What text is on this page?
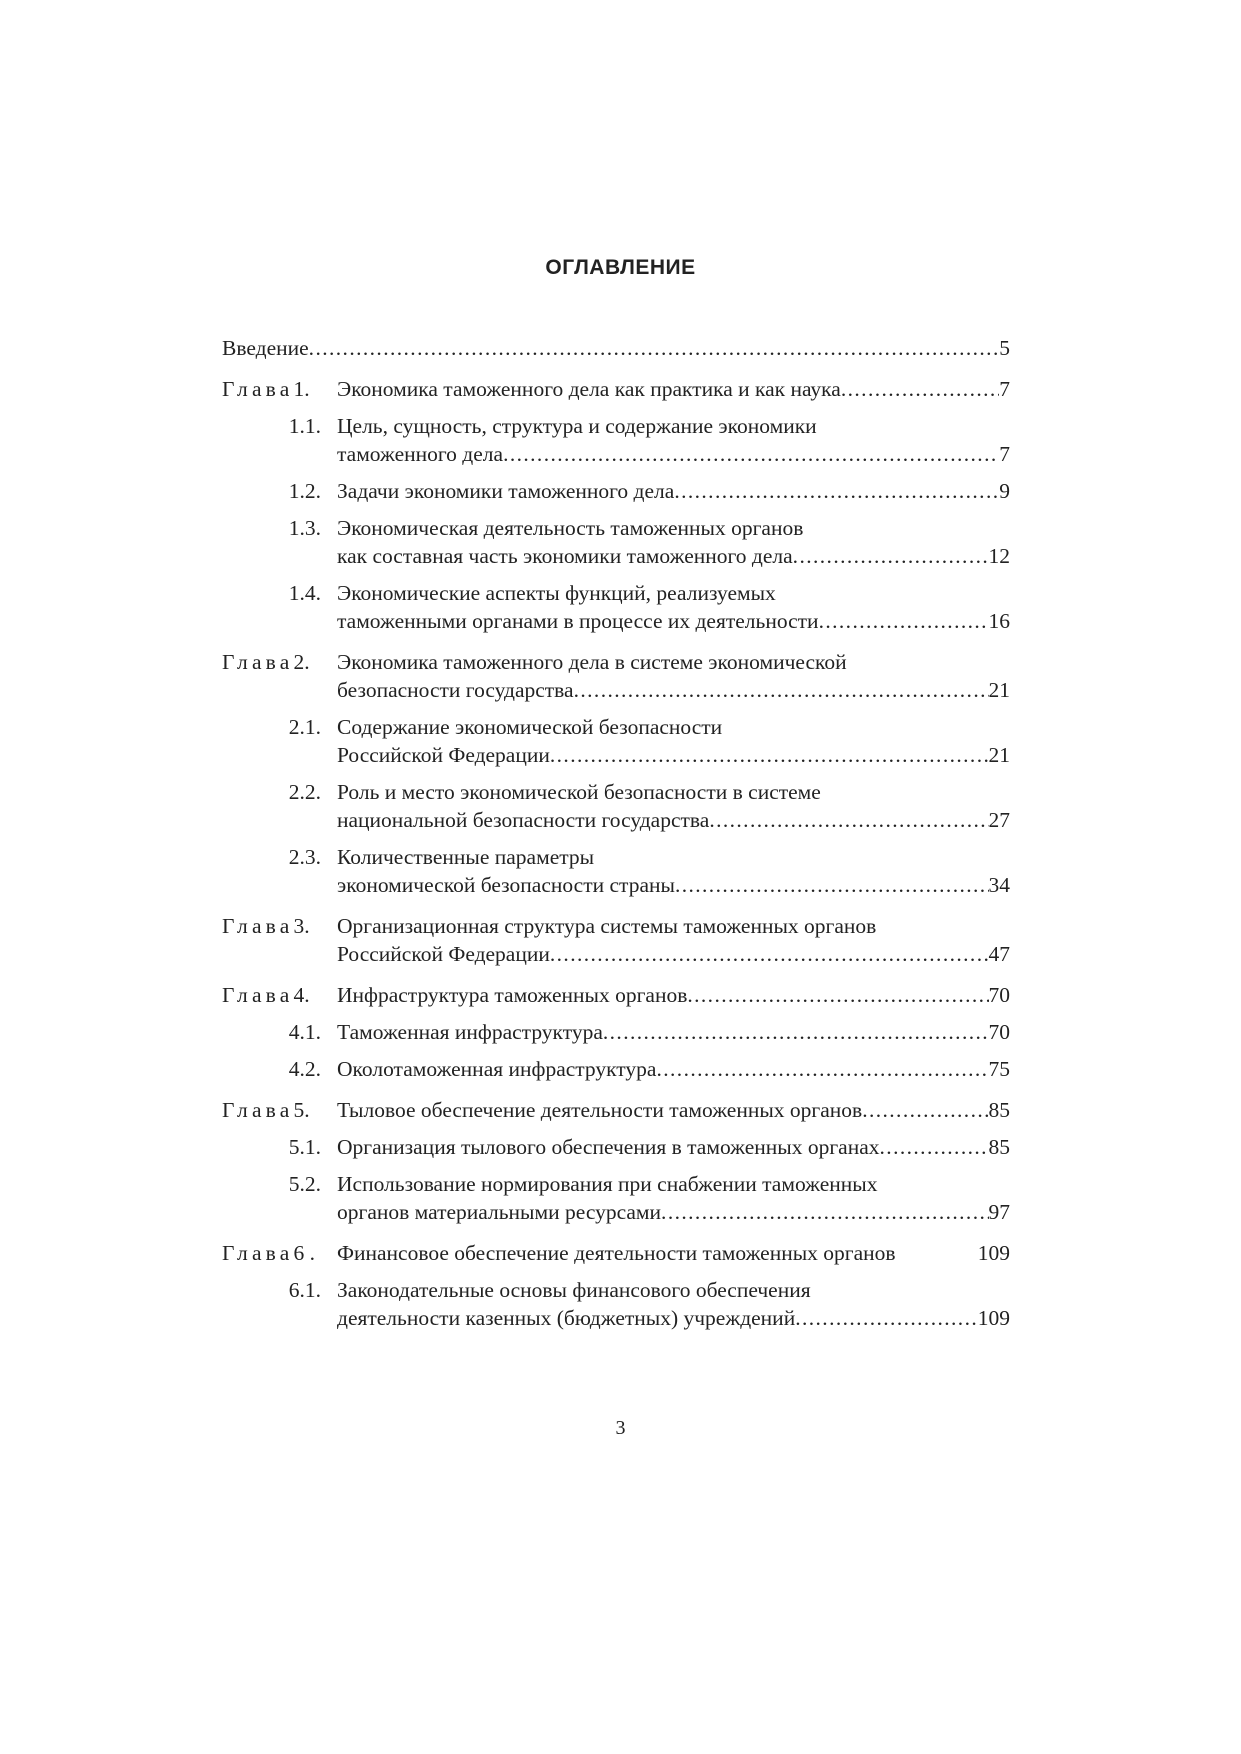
ОГЛАВЛЕНИЕ
Введение .....	5
Глава1.	Экономика таможенного дела как практика и как наука .....	7
1.1. Цель, сущность, структура и содержание экономики
таможенного дела .....	7
1.2. Задачи экономики таможенного дела .....	9
1.3. Экономическая деятельность таможенных органов
как составная часть экономики таможенного дела .....	12
1.4. Экономические аспекты функций, реализуемых
таможенными органами в процессе их деятельности .....	16
Глава2.	Экономика таможенного дела в системе экономической
безопасности государства .....	21
2.1. Содержание экономической безопасности
Российской Федерации .....	21
2.2. Роль и место экономической безопасности в системе
национальной безопасности государства .....	27
2.3. Количественные параметры
экономической безопасности страны .....	34
Глава3.	Организационная структура системы таможенных органов
Российской Федерации .....	47
Глава4.	Инфраструктура таможенных органов .....	70
4.1. Таможенная инфраструктура .....	70
4.2. Околотаможенная инфраструктура .....	75
Глава5.	Тыловое обеспечение деятельности таможенных органов .....	85
5.1. Организация тылового обеспечения в таможенных органах .....	85
5.2. Использование нормирования при снабжении таможенных
органов материальными ресурсами .....	97
Глава6 .	Финансовое обеспечение деятельности таможенных органов	109
6.1. Законодательные основы финансового обеспечения
деятельности казенных (бюджетных) учреждений .....	109
3
